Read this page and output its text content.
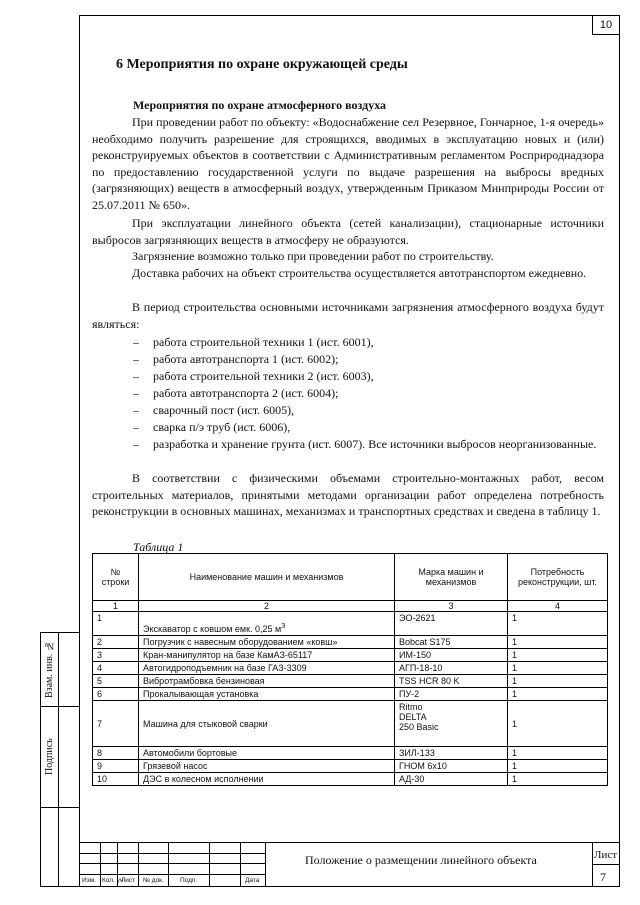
10
Взам. инв. №
Подпись
6 Мероприятия по охране окружающей среды
Мероприятия по охране атмосферного воздуха

При проведении работ по объекту: «Водоснабжение сел Резервное, Гончарное, 1-я очередь» необходимо получить разрешение для строящихся, вводимых в эксплуатацию новых и (или) реконструируемых объектов в соответствии с Административным регламентом Росприроднадзора по предоставлению государственной услуги по выдаче разрешения на выбросы вредных (загрязняющих) веществ в атмосферный воздух, утвержденным Приказом Минприроды России от 25.07.2011 № 650».

При эксплуатации линейного объекта (сетей канализации), стационарные источники выбросов загрязняющих веществ в атмосферу не образуются.

Загрязнение возможно только при проведении работ по строительству.

Доставка рабочих на объект строительства осуществляется автотранспортом ежедневно.

В период строительства основными источниками загрязнения атмосферного воздуха будут являться:

–	работа строительной техники 1 (ист. 6001),
–	работа автотранспорта 1 (ист. 6002);
–	работа строительной техники 2 (ист. 6003),
–	работа автотранспорта 2 (ист. 6004);
–	сварочный пост (ист. 6005),
–	сварка п/э труб (ист. 6006),
–	разработка и хранение грунта (ист. 6007). Все источники выбросов неорганизованные.

В соответствии с физическими объемами строительно-монтажных работ, весом строительных материалов, принятыми методами организации работ определена потребность реконструкции в основных машинах, механизмах и транспортных средствах и сведена в таблицу 1.

Таблица 1
№ строки	Наименование машин и механизмов	Марка машин и механизмов	Потребность реконструкции, шт.
1	2	3	4
1	Экскаватор с ковшом емк. 0,25 $м^3$	ЭО-2621	1
2	Погрузчик с навесным оборудованием «ковш»	Bobcat S175	1
3	Кран-манипулятор на базе КамАЗ-65117	ИМ-150	1
4	Автогидроподъемник на базе ГАЗ-3309	АГП-18-10	1
5	Вибротрамбовка бензиновая	TSS HCR 80 K	1
6	Прокалывающая установка	ПУ-2	1
7	Машина для стыковой сварки	Ritmo
DELTA
250 Basic	1
8	Автомобили бортовые	ЗИЛ-133	1
9	Грязевой насос	ГНОМ 6х10	1
10	ДЭС в колесном исполнении	АД-30	1
Изм. Кол. уч
Лист № док. Подп.	Дата
Положение о размещении линейного объекта	Лист
7
